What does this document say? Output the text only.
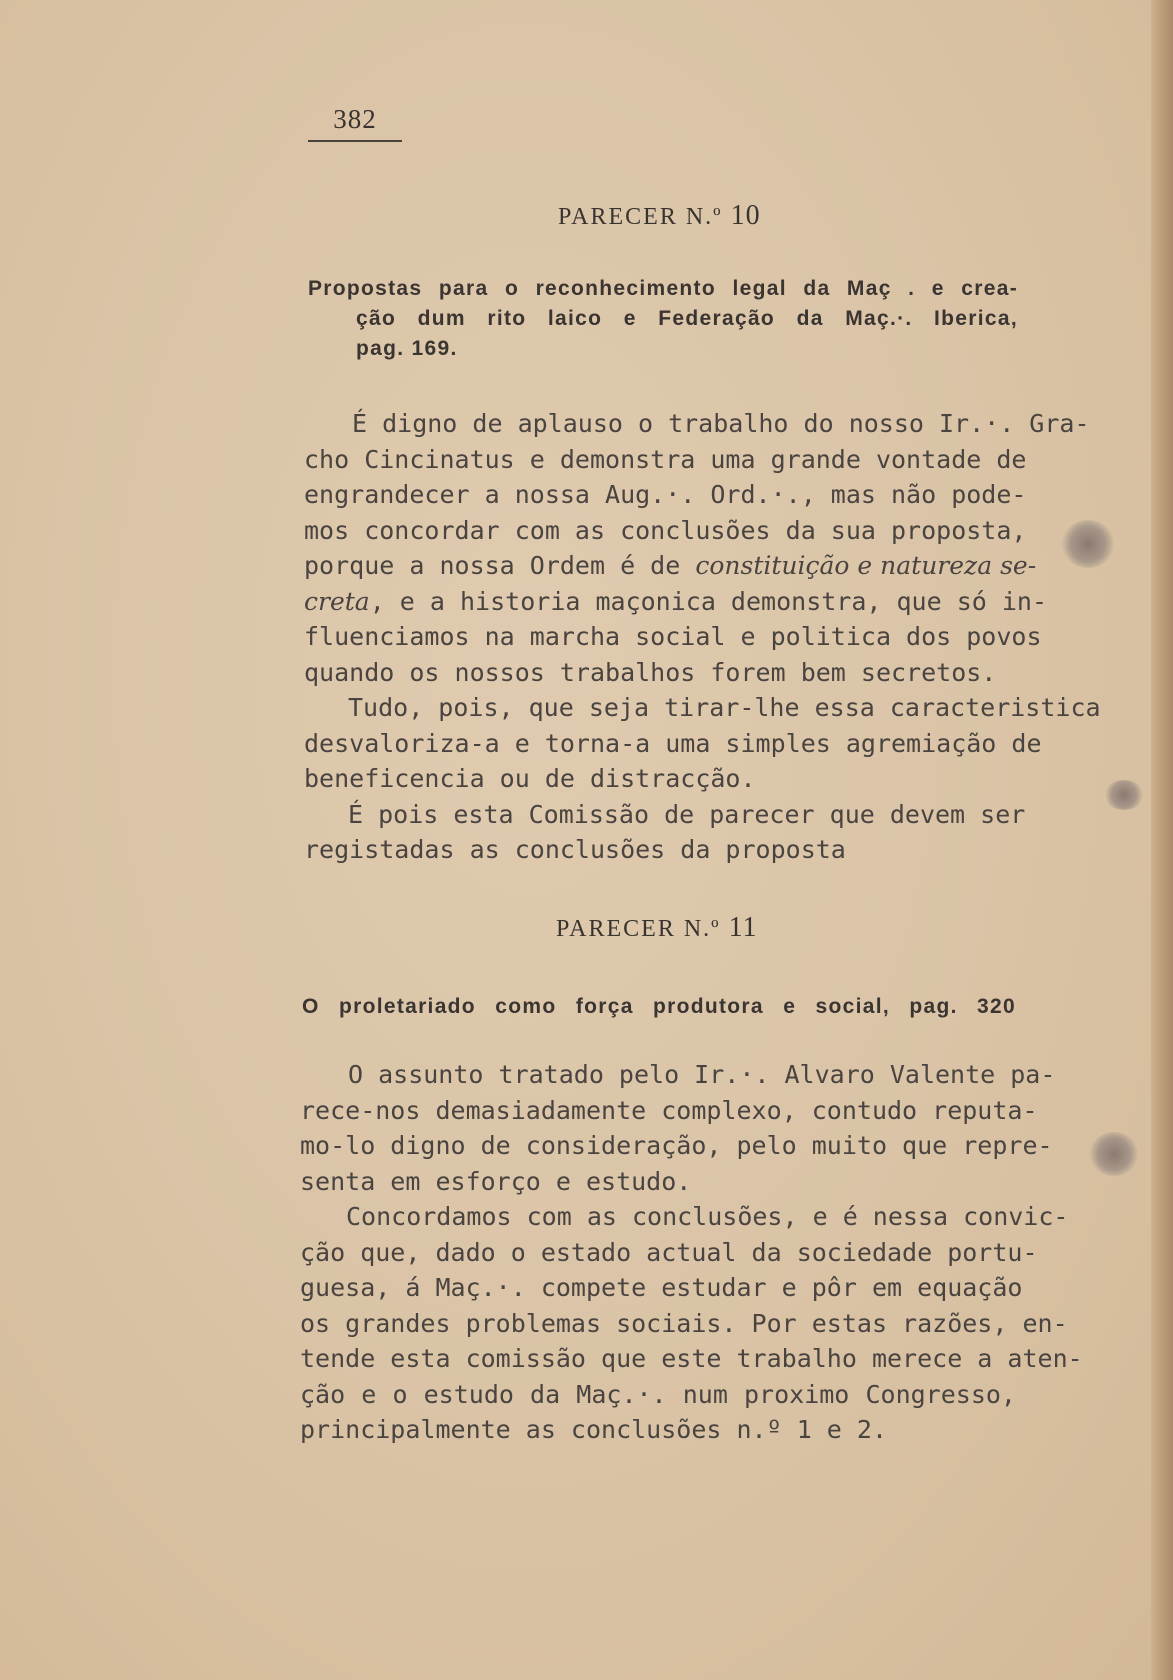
382
PARECER N.º 10
Propostas para o reconhecimento legal da Maç . e crea-
ção dum rito laico e Federação da Maç.·. Iberica,
pag. 169.
É digno de aplauso o trabalho do nosso Ir.·. Gra-
cho Cincinatus e demonstra uma grande vontade de
engrandecer a nossa Aug.·. Ord.·., mas não pode-
mos concordar com as conclusões da sua proposta,
porque a nossa Ordem é de constituição e natureza se-
creta , e a historia maçonica demonstra, que só in-
fluenciamos na marcha social e politica dos povos
quando os nossos trabalhos forem bem secretos.
Tudo, pois, que seja tirar-lhe essa caracteristica
desvaloriza-a e torna-a uma simples agremiação de
beneficencia ou de distracção.
É pois esta Comissão de parecer que devem ser
registadas as conclusões da proposta
PARECER N.º 11
O proletariado como força produtora e social, pag. 320
O assunto tratado pelo Ir.·. Alvaro Valente pa-
rece-nos demasiadamente complexo, contudo reputa-
mo-lo digno de consideração, pelo muito que repre-
senta em esforço e estudo.
Concordamos com as conclusões, e é nessa convic-
ção que, dado o estado actual da sociedade portu-
guesa, á Maç.·. compete estudar e pôr em equação
os grandes problemas sociais. Por estas razões, en-
tende esta comissão que este trabalho merece a aten-
ção e o estudo da Maç.·. num proximo Congresso,
principalmente as conclusões n.º 1 e 2.
